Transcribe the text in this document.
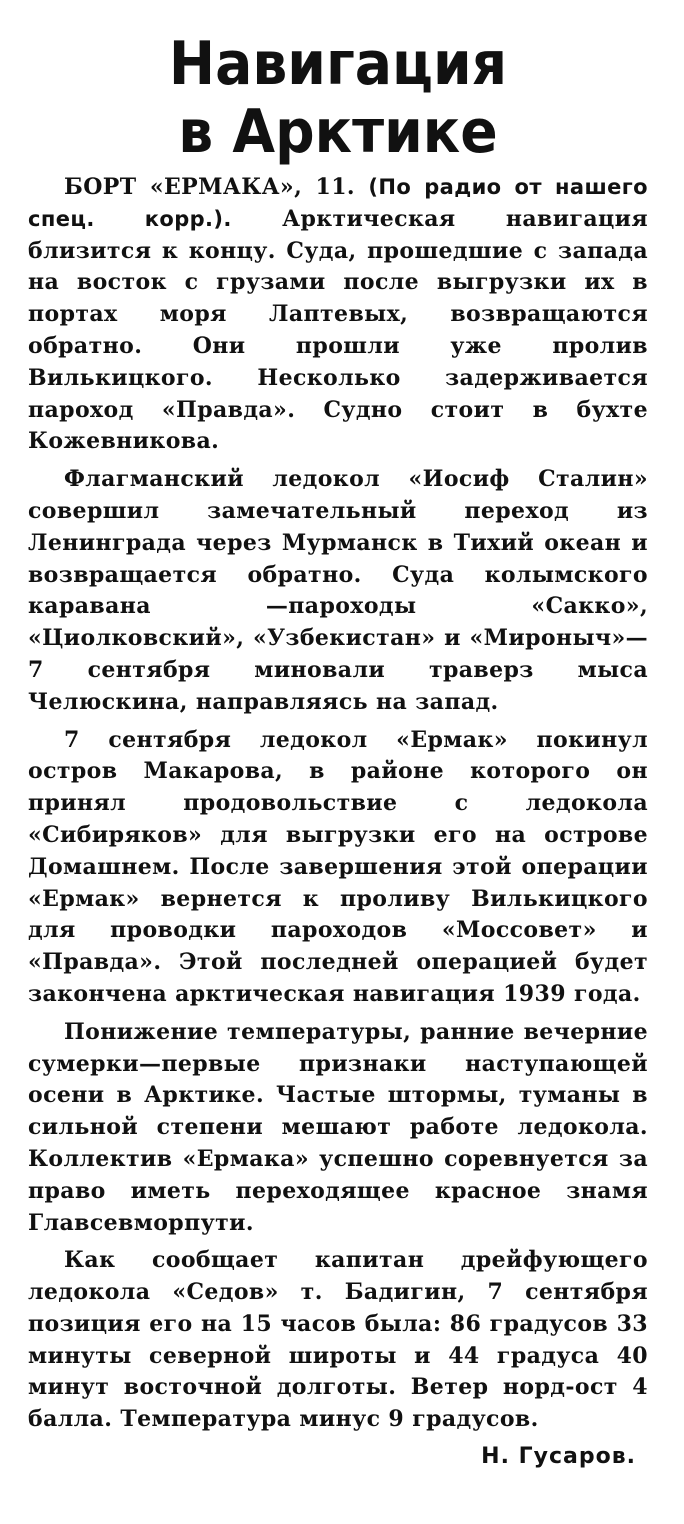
Навигация
в Арктике

БОРТ «ЕРМАКА», 11. (По радио от нашего спец. корр.). Арктическая навигация близится к концу. Суда, прошедшие с запада на восток с грузами после выгрузки их в портах моря Лаптевых, возвращаются обратно. Они прошли уже пролив Вилькицкого. Несколько задерживается пароход «Правда». Судно стоит в бухте Кожевникова.

Флагманский ледокол «Иосиф Сталин» совершил замечательный переход из Ленинграда через Мурманск в Тихий океан и возвращается обратно. Суда колымского каравана —пароходы «Сакко», «Циолковский», «Узбекистан» и «Мироныч»—7 сентября миновали траверз мыса Челюскина, направляясь на запад.

7 сентября ледокол «Ермак» покинул остров Макарова, в районе которого он принял продовольствие с ледокола «Сибиряков» для выгрузки его на острове Домашнем. После завершения этой операции «Ермак» вернется к проливу Вилькицкого для проводки пароходов «Моссовет» и «Правда». Этой последней операцией будет закончена арктическая навигация 1939 года.

Понижение температуры, ранние вечерние сумерки—первые признаки наступающей осени в Арктике. Частые штормы, туманы в сильной степени мешают работе ледокола. Коллектив «Ермака» успешно соревнуется за право иметь переходящее красное знамя Главсевморпути.

Как сообщает капитан дрейфующего ледокола «Седов» т. Бадигин, 7 сентября позиция его на 15 часов была: 86 градусов 33 минуты северной широты и 44 градуса 40 минут восточной долготы. Ветер норд-ост 4 балла. Температура минус 9 градусов.

Н. Гусаров.
